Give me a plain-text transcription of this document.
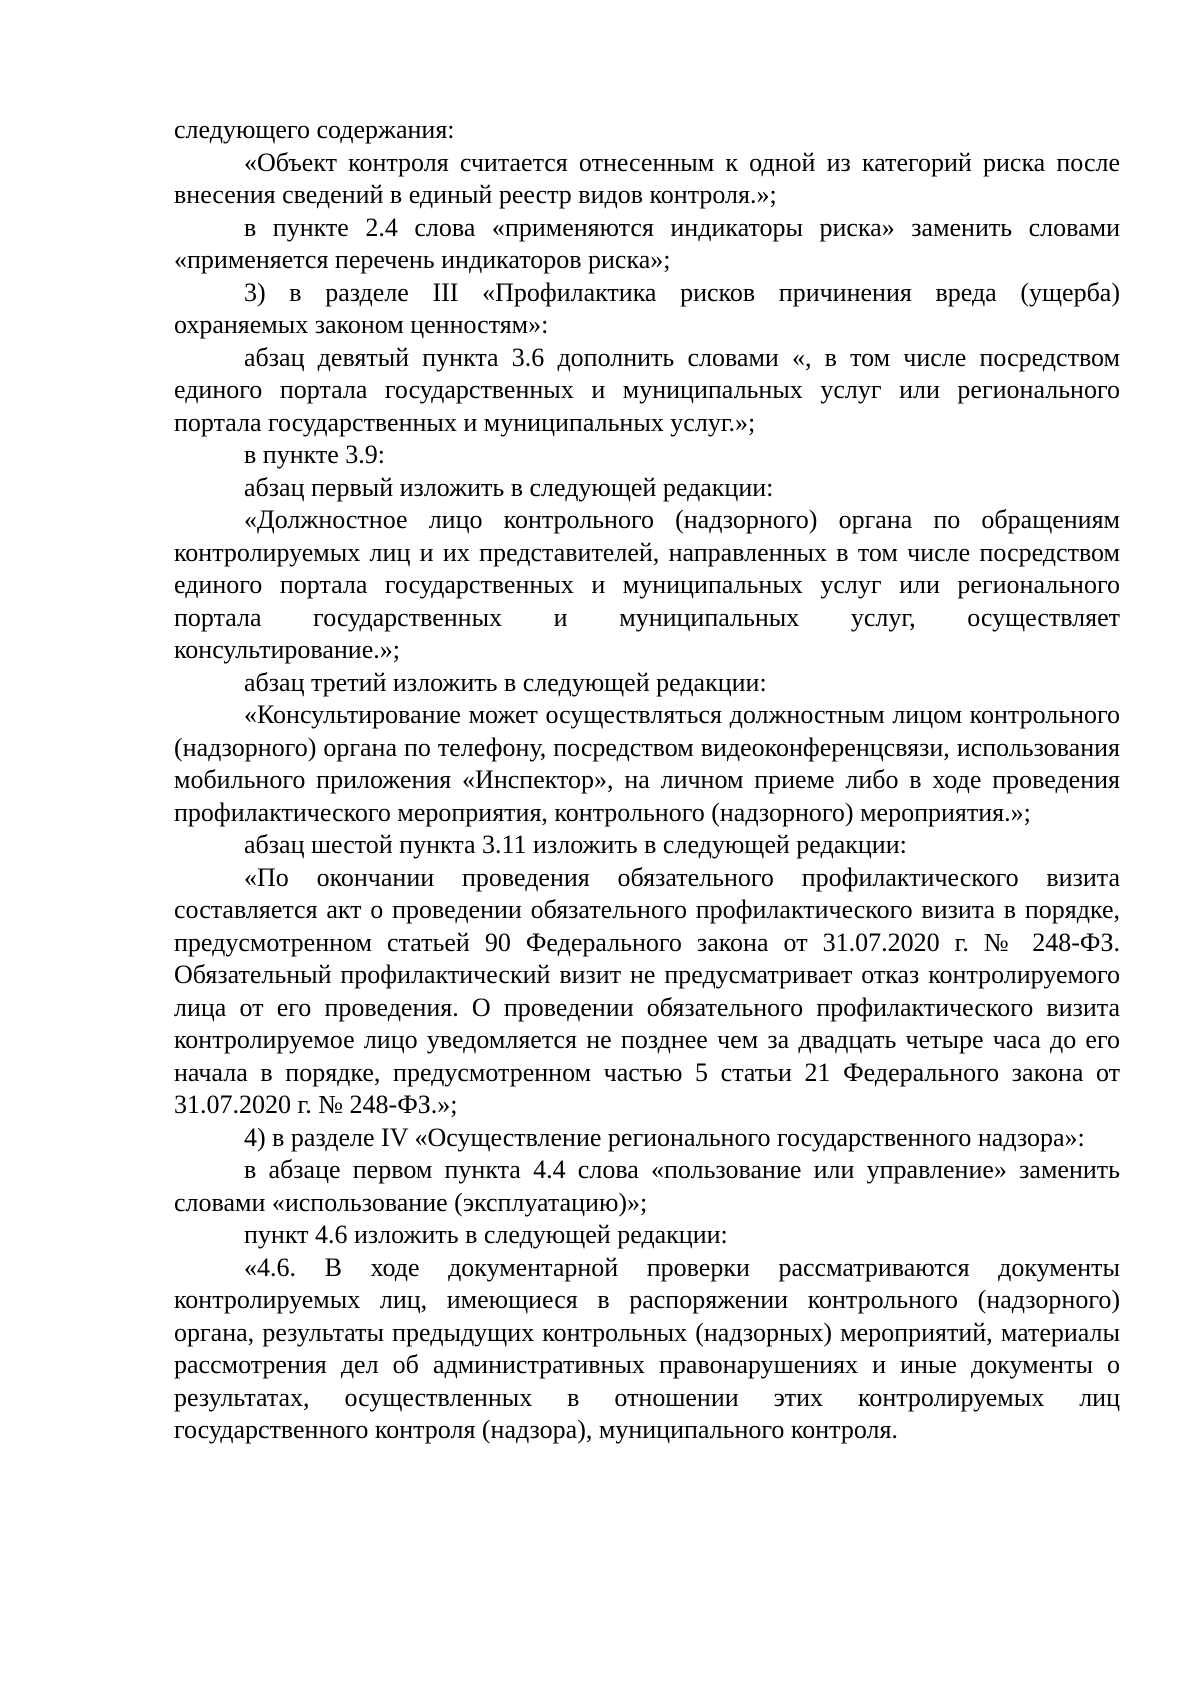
следующего содержания:

«Объект контроля считается отнесенным к одной из категорий риска после внесения сведений в единый реестр видов контроля.»;

в пункте 2.4 слова «применяются индикаторы риска» заменить словами «применяется перечень индикаторов риска»;

3) в разделе III «Профилактика рисков причинения вреда (ущерба) охраняемых законом ценностям»:

абзац девятый пункта 3.6 дополнить словами «, в том числе посредством единого портала государственных и муниципальных услуг или регионального портала государственных и муниципальных услуг.»;

в пункте 3.9:

абзац первый изложить в следующей редакции:

«Должностное лицо контрольного (надзорного) органа по обращениям контролируемых лиц и их представителей, направленных в том числе посредством единого портала государственных и муниципальных услуг или регионального портала государственных и муниципальных услуг, осуществляет консультирование.»;

абзац третий изложить в следующей редакции:

«Консультирование может осуществляться должностным лицом контрольного (надзорного) органа по телефону, посредством видеоконференцсвязи, использования мобильного приложения «Инспектор», на личном приеме либо в ходе проведения профилактического мероприятия, контрольного (надзорного) мероприятия.»;

абзац шестой пункта 3.11 изложить в следующей редакции:

«По окончании проведения обязательного профилактического визита составляется акт о проведении обязательного профилактического визита в порядке, предусмотренном статьей 90 Федерального закона от 31.07.2020 г. № 248-ФЗ. Обязательный профилактический визит не предусматривает отказ контролируемого лица от его проведения. О проведении обязательного профилактического визита контролируемое лицо уведомляется не позднее чем за двадцать четыре часа до его начала в порядке, предусмотренном частью 5 статьи 21 Федерального закона от 31.07.2020 г. № 248-ФЗ.»;

4) в разделе IV «Осуществление регионального государственного надзора»:

в абзаце первом пункта 4.4 слова «пользование или управление» заменить словами «использование (эксплуатацию)»;

пункт 4.6 изложить в следующей редакции:

«4.6. В ходе документарной проверки рассматриваются документы контролируемых лиц, имеющиеся в распоряжении контрольного (надзорного) органа, результаты предыдущих контрольных (надзорных) мероприятий, материалы рассмотрения дел об административных правонарушениях и иные документы о результатах, осуществленных в отношении этих контролируемых лиц государственного контроля (надзора), муниципального контроля.
